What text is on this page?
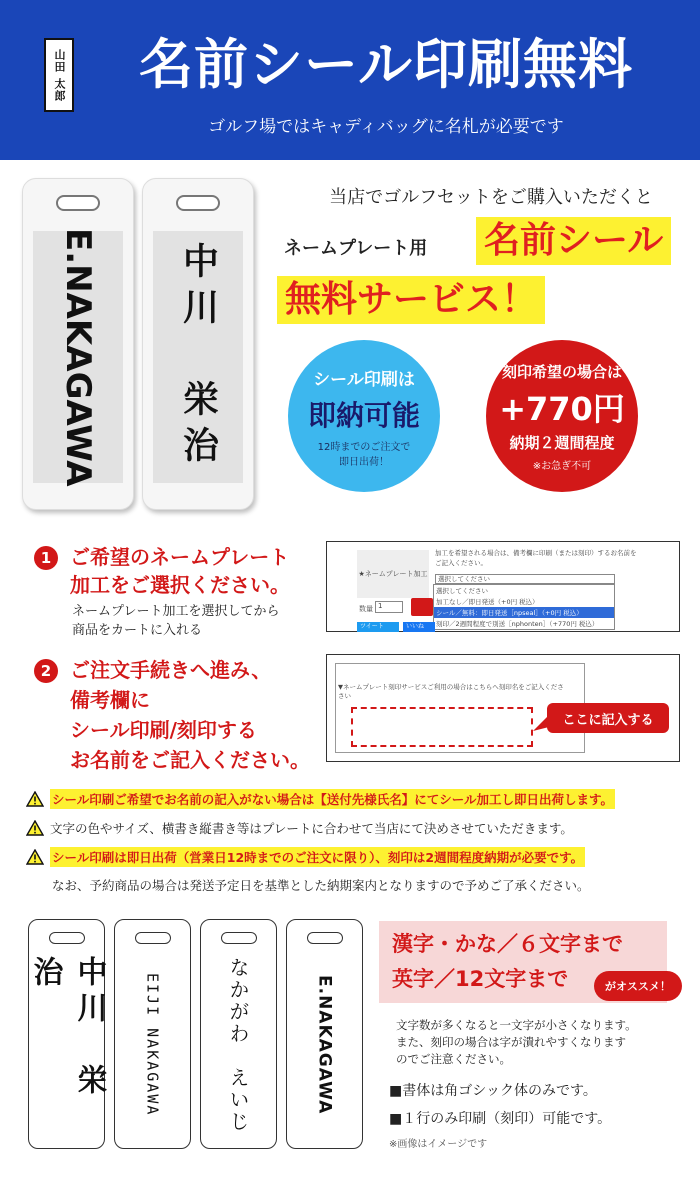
山田 太郎	名前シール印刷無料
ゴルフ場ではキャディバッグに名札が必要です
E.NAKAGAWA	中川　栄治
当店でゴルフセットをご購入いただくと
ネームプレート用 名前シール
無料サービス！
シール印刷は
即納可能
12時までのご注文で
即日出荷！
刻印希望の場合は
+770円
納期２週間程度
※お急ぎ不可
1 ご希望のネームプレート
加工をご選択ください。
ネームプレート加工を選択してから
商品をカートに入れる
★ネームプレート加工
加工を希望される場合は、備考欄に印刷（または刻印）するお名前を
ご記入ください。
選択してください
選択してください
加工なし／即日発送（+0円 税込）
シール／無料：即日発送［npseal］（+0円 税込）
刻印／2週間程度で別送［nphonten］（+770円 税込）
数量 1
ツイート	いいね
2 ご注文手続きへ進み、
備考欄に
シール印刷/刻印する
お名前をご記入ください。
▼ネームプレート刻印サービスご利用の場合はこちらへ刻印名をご記入くださ
さい
ここに記入する
シール印刷ご希望でお名前の記入がない場合は【送付先様氏名】にてシール加工し即日出荷します。
文字の色やサイズ、横書き縦書き等はプレートに合わせて当店にて決めさせていただきます。
シール印刷は即日出荷（営業日12時までのご注文に限り）、刻印は2週間程度納期が必要です。
なお、予約商品の場合は発送予定日を基準とした納期案内となりますので予めご了承ください。
中川　栄治	EIJI NAKAGAWA	なかがわ　えいじ	E.NAKAGAWA
漢字・かな／６文字まで
英字／12文字まで	がオススメ！
文字数が多くなると一文字が小さくなります。
また、刻印の場合は字が潰れやすくなります
のでご注意ください。
■書体は角ゴシック体のみです。
■１行のみ印刷（刻印）可能です。
※画像はイメージです
